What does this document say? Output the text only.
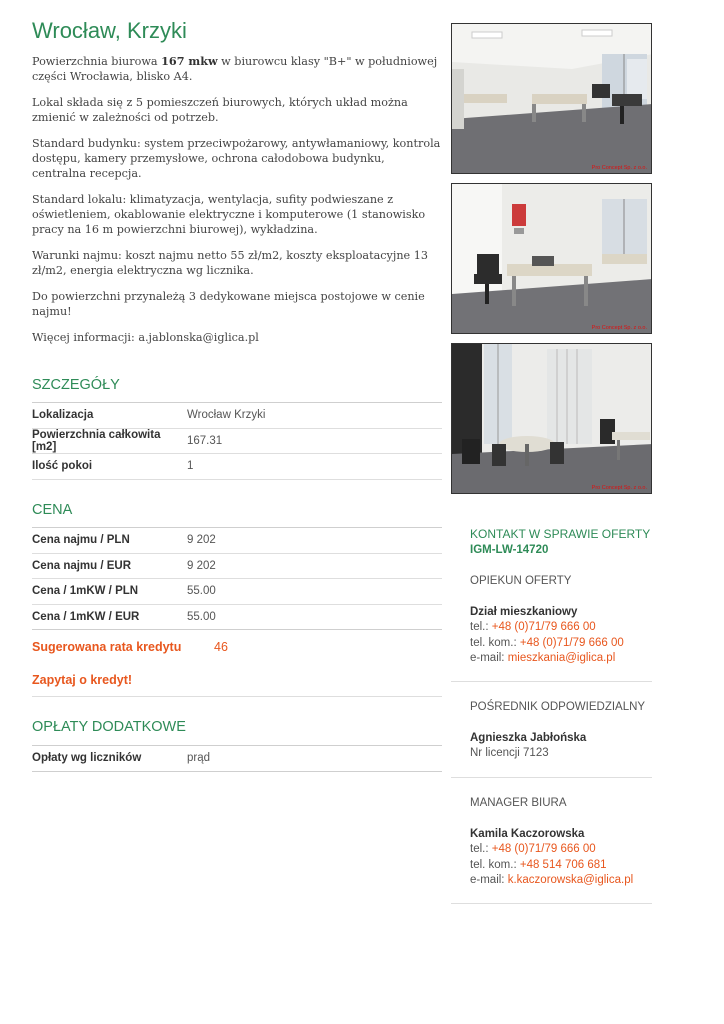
Wrocław, Krzyki

Powierzchnia biurowa 167 mkw w biurowcu klasy "B+" w południowej części Wrocławia, blisko A4.

Lokal składa się z 5 pomieszczeń biurowych, których układ można zmienić w zależności od potrzeb.

Standard budynku: system przeciwpożarowy, antywłamaniowy, kontrola dostępu, kamery przemysłowe, ochrona całodobowa budynku, centralna recepcja.

Standard lokalu: klimatyzacja, wentylacja, sufity podwieszane z oświetleniem, okablowanie elektryczne i komputerowe (1 stanowisko pracy na 16 m powierzchni biurowej), wykładzina.

Warunki najmu: koszt najmu netto 55 zł/m2, koszty eksploatacyjne 13 zł/m2, energia elektryczna wg licznika.

Do powierzchni przynależą 3 dedykowane miejsca postojowe w cenie najmu!

Więcej informacji: a.jablonska@iglica.pl

SZCZEGÓŁY
Lokalizacja	Wrocław Krzyki
Powierzchnia całkowita [m2]	167.31
Ilość pokoi	1
CENA
Cena najmu / PLN	9 202
Cena najmu / EUR	9 202
Cena / 1mKW / PLN	55.00
Cena / 1mKW / EUR	55.00
Sugerowana rata kredytu	46
Zapytaj o kredyt!
OPŁATY DODATKOWE
Opłaty wg liczników	prąd
Pro Concept Sp. z o.o.
Pro Concept Sp. z o.o.
Pro Concept Sp. z o.o.
KONTAKT W SPRAWIE OFERTY
IGM-LW-14720
OPIEKUN OFERTY
Dział mieszkaniowy
tel.: +48 (0)71/79 666 00
tel. kom.: +48 (0)71/79 666 00
e-mail: mieszkania@iglica.pl
POŚREDNIK ODPOWIEDZIALNY
Agnieszka Jabłońska
Nr licencji 7123
MANAGER BIURA
Kamila Kaczorowska
tel.: +48 (0)71/79 666 00
tel. kom.: +48 514 706 681
e-mail: k.kaczorowska@iglica.pl
